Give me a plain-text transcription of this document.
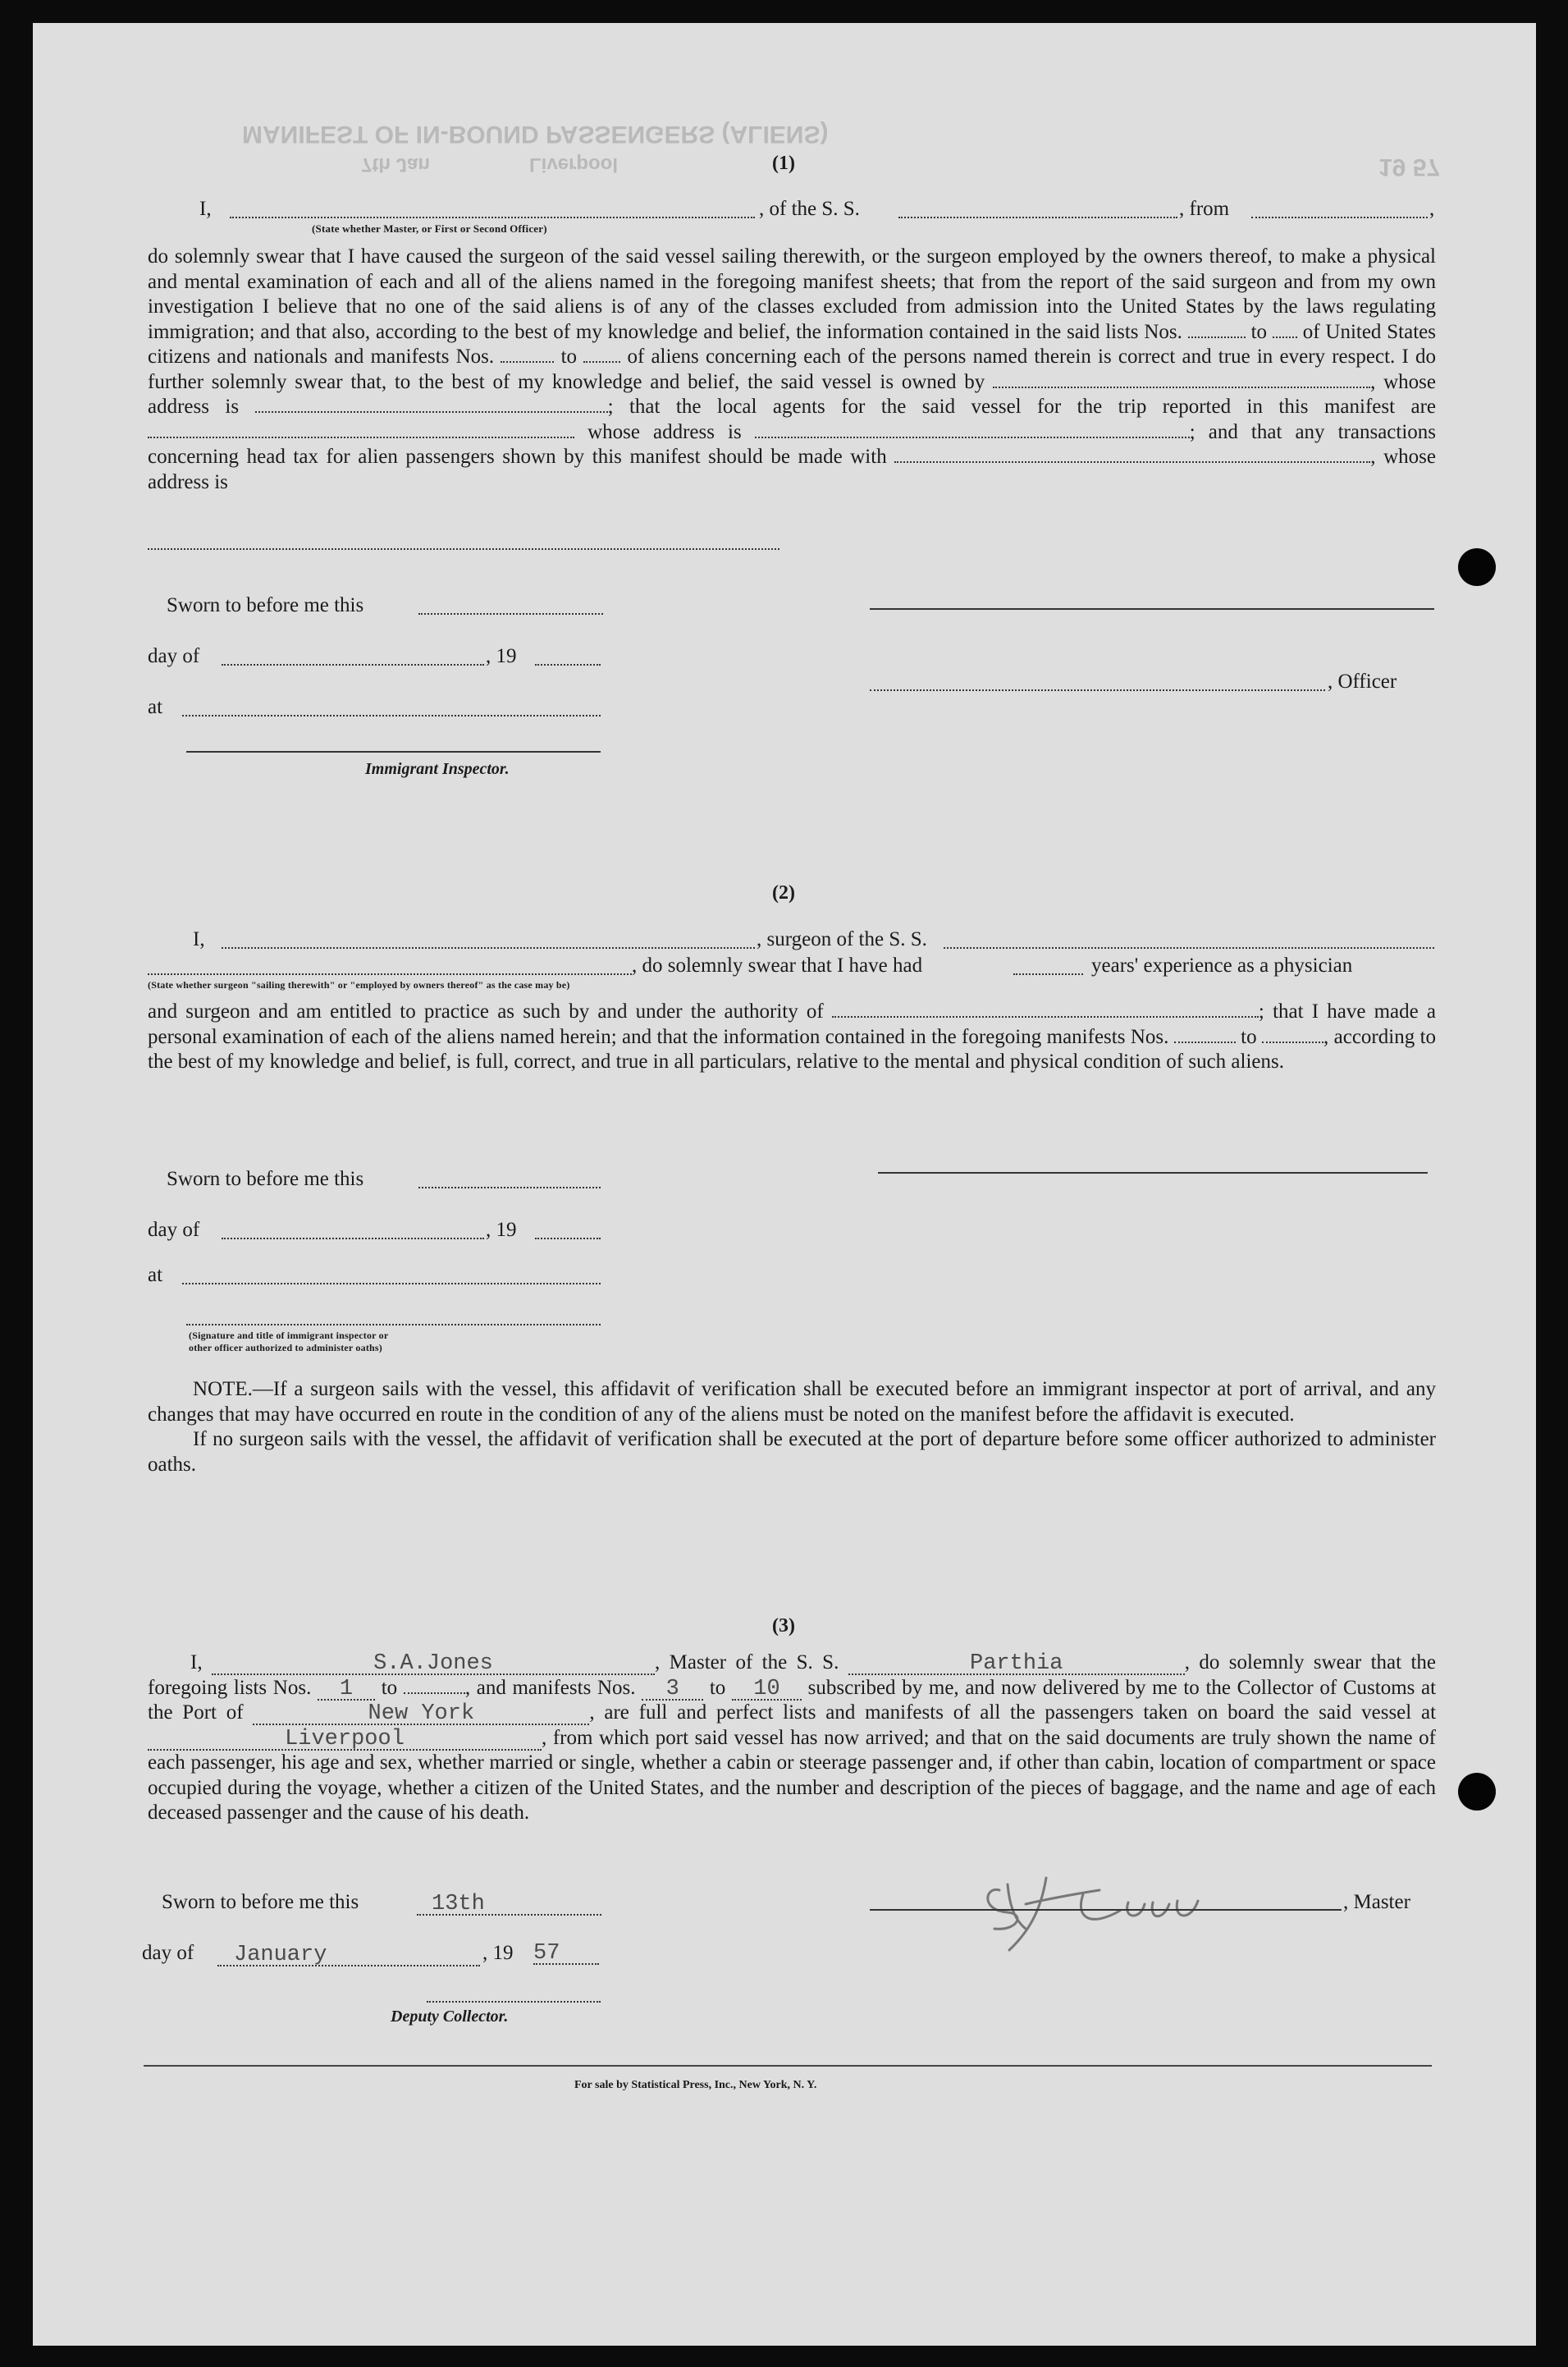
MANIFEST OF IN-BOUND PASSENGERS (ALIENS)
Liverpool
7th Jan	19 57
(1)
I,	, of the S. S.	, from	,
(State whether Master, or First or Second Officer)
do solemnly swear that I have caused the surgeon of the said vessel sailing therewith, or the surgeon employed by the owners thereof, to make a physical and mental examination of each and all of the aliens named in the foregoing manifest sheets; that from the report of the said surgeon and from my own investigation I believe that no one of the said aliens is of any of the classes excluded from admission into the United States by the laws regulating immigration; and that also, according to the best of my knowledge and belief, the information contained in the said lists Nos.	to of United States citizens and nationals and manifests Nos.	to of aliens concerning each of the persons named therein is correct and true in every respect. I do further solemnly swear that, to the best of my knowledge and belief, the said vessel is owned by	, whose address is	; that the local agents for the said vessel for the trip reported in this manifest are  whose address is	; and that any transactions concerning head tax for alien passengers shown by this manifest should be made with	, whose address is
Sworn to before me this
day of	, 19
, Officer
at
Immigrant Inspector.
(2)
I,	, surgeon of the S. S.
, do solemnly swear that I have had	years' experience as a physician
(State whether surgeon "sailing therewith" or "employed by owners thereof" as the case may be)
and surgeon and am entitled to practice as such by and under the authority of	; that I have made a personal examination of each of the aliens named herein; and that the information contained in the foregoing manifests Nos.	to	, according to the best of my knowledge and belief, is full, correct, and true in all particulars, relative to the mental and physical condition of such aliens.
Sworn to before me this
day of	, 19
at
(Signature and title of immigrant inspector or
other officer authorized to administer oaths)

NOTE.—If a surgeon sails with the vessel, this affidavit of verification shall be executed before an immigrant inspector at port of arrival, and any changes that may have occurred en route in the condition of any of the aliens must be noted on the manifest before the affidavit is executed.

If no surgeon sails with the vessel, the affidavit of verification shall be executed at the port of departure before some officer authorized to administer oaths.

(3)
I,	S.A.Jones	, Master of the S. S.	Parthia	, do solemnly swear that the foregoing lists Nos. 1 to	, and manifests Nos. 3 to 10 subscribed by me, and now delivered by me to the Collector of Customs at the Port of	New York	, are full and perfect lists and manifests of all the passengers taken on board the said vessel at Liverpool	, from which port said vessel has now arrived; and that on the said documents are truly shown the name of each passenger, his age and sex, whether married or single, whether a cabin or steerage passenger and, if other than cabin, location of compartment or space occupied during the voyage, whether a citizen of the United States, and the number and description of the pieces of baggage, and the name and age of each deceased passenger and the cause of his death.
Sworn to before me this	13th	, Master
day of	January	, 19 57
Deputy Collector.
For sale by Statistical Press, Inc., New York, N. Y.
